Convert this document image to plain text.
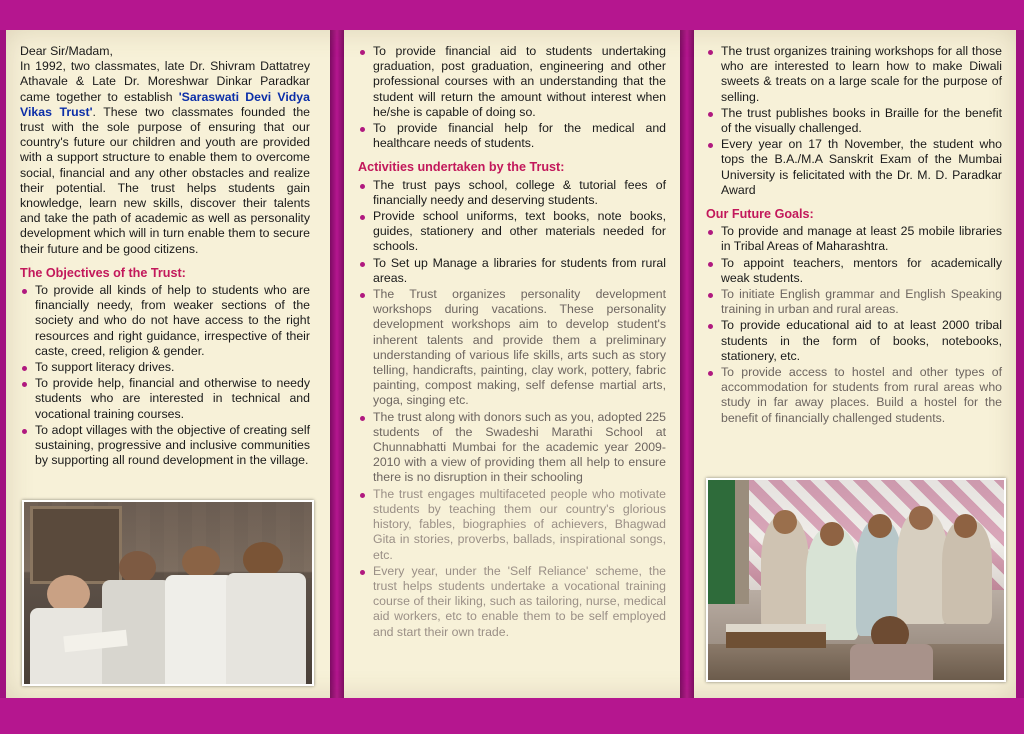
Dear Sir/Madam,
In 1992, two classmates, late Dr. Shivram Dattatrey Athavale & Late Dr. Moreshwar Dinkar Paradkar came together to establish 'Saraswati Devi Vidya Vikas Trust'. These two classmates founded the trust with the sole purpose of ensuring that our country's future our children and youth are provided with a support structure to enable them to overcome social, financial and any other obstacles and realize their potential. The trust helps students gain knowledge, learn new skills, discover their talents and take the path of academic as well as personality development which will in turn enable them to secure their future and be good citizens.
The Objectives of the Trust:
To provide all kinds of help to students who are financially needy, from weaker sections of the society and who do not have access to the right resources and right guidance, irrespective of their caste, creed, religion & gender.
To support literacy drives.
To provide help, financial and otherwise to needy students who are interested in technical and vocational training courses.
To adopt villages with the objective of creating self sustaining, progressive and inclusive communities by supporting all round development in the village.
To provide financial aid to students undertaking graduation, post graduation, engineering and other professional courses with an understanding that the student will return the amount without interest when he/she is capable of doing so.
To provide financial help for the medical and healthcare needs of students.
Activities undertaken by the Trust:
The trust pays school, college & tutorial fees of financially needy and deserving students.
Provide school uniforms, text books, note books, guides, stationery and other materials needed for schools.
To Set up Manage a libraries for students from rural areas.
The Trust organizes personality development workshops during vacations. These personality development workshops aim to develop student's inherent talents and provide them a preliminary understanding of various life skills, arts such as story telling, handicrafts, painting, clay work, pottery, fabric painting, compost making, self defense martial arts, yoga, singing etc.
The trust along with donors such as you, adopted 225 students of the Swadeshi Marathi School at Chunnabhatti Mumbai for the academic year 2009-2010 with a view of providing them all help to ensure there is no disruption in their schooling
The trust engages multifaceted people who motivate students by teaching them our country's glorious history, fables, biographies of achievers, Bhagwad Gita in stories, proverbs, ballads, inspirational songs, etc.
Every year, under the 'Self Reliance' scheme, the trust helps students undertake a vocational training course of their liking, such as tailoring, nurse, medical aid workers, etc to enable them to be self employed and start their own trade.
The trust organizes training workshops for all those who are interested to learn how to make Diwali sweets & treats on a large scale for the purpose of selling.
The trust publishes books in Braille for the benefit of the visually challenged.
Every year on 17 th November, the student who tops the B.A./M.A Sanskrit Exam of the Mumbai University is felicitated with the Dr. M. D. Paradkar Award
Our Future Goals:
To provide and manage at least 25 mobile libraries in Tribal Areas of Maharashtra.
To appoint teachers, mentors for academically weak students.
To initiate English grammar and English Speaking training in urban and rural areas.
To provide educational aid to at least 2000 tribal students in the form of books, notebooks, stationery, etc.
To provide access to hostel and other types of accommodation for students from rural areas who study in far away places. Build a hostel for the benefit of financially challenged students.
